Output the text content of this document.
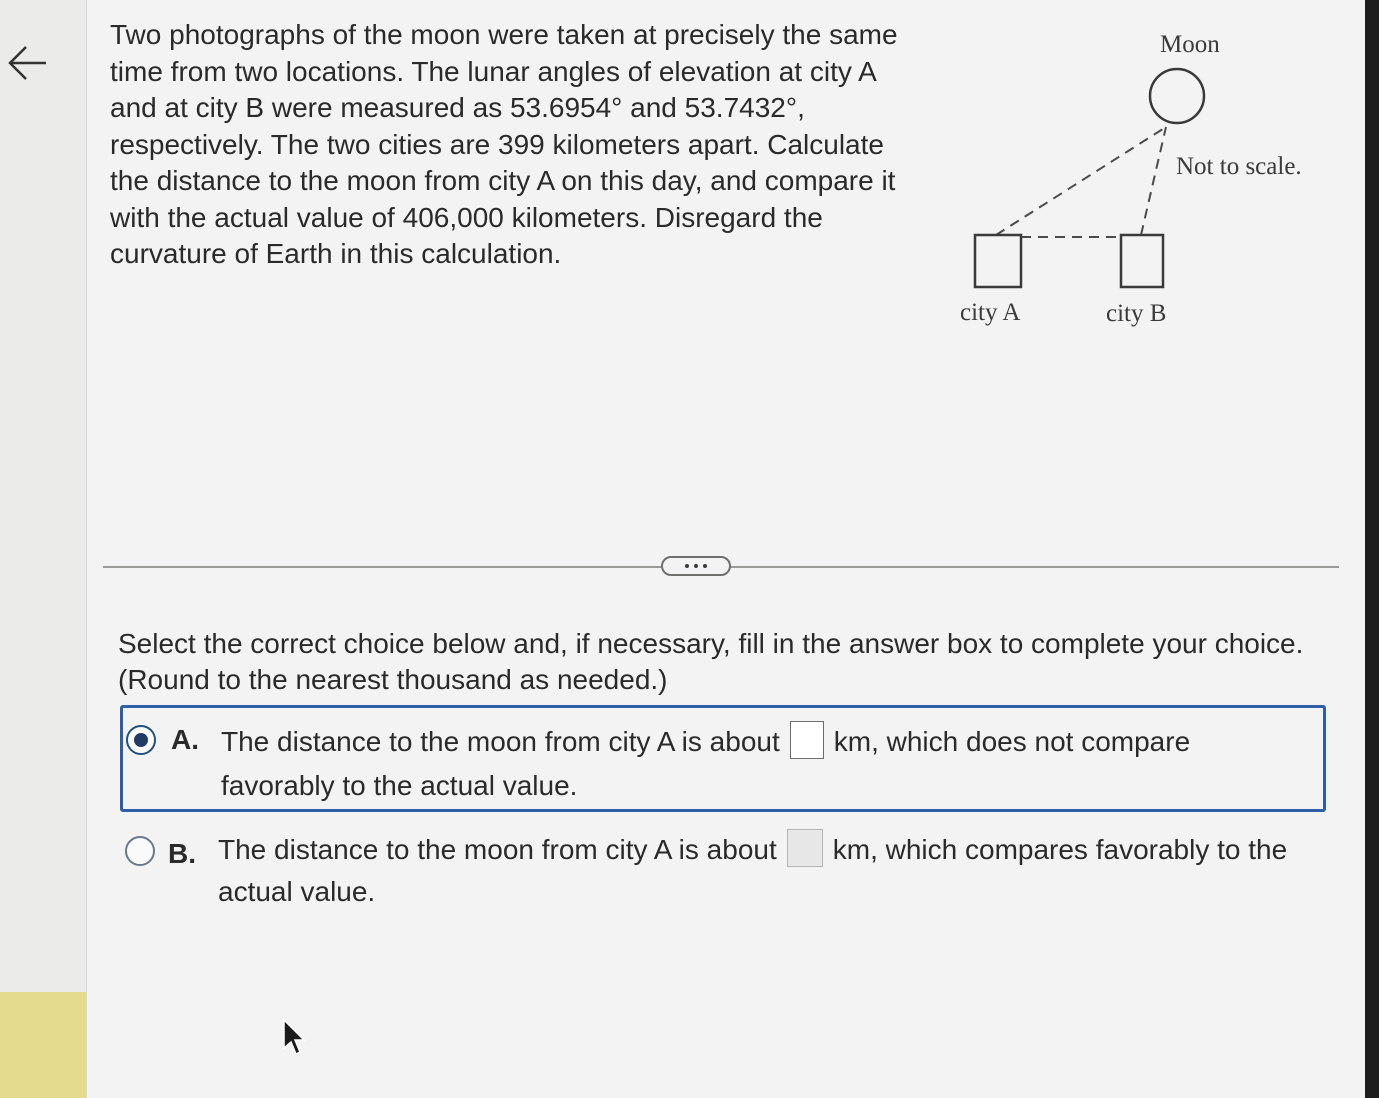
Two photographs of the moon were taken at precisely the same
time from two locations. The lunar angles of elevation at city A
and at city B were measured as 53.6954° and 53.7432°,
respectively. The two cities are 399 kilometers apart. Calculate
the distance to the moon from city A on this day, and compare it
with the actual value of 406,000 kilometers. Disregard the
curvature of Earth in this calculation.

Moon
Not to scale.
city A	city B

Select the correct choice below and, if necessary, fill in the answer box to complete your choice.
(Round to the nearest thousand as needed.)

A. The distance to the moon from city A is about km, which does not compare
favorably to the actual value.
B. The distance to the moon from city A is about km, which compares favorably to the
actual value.
